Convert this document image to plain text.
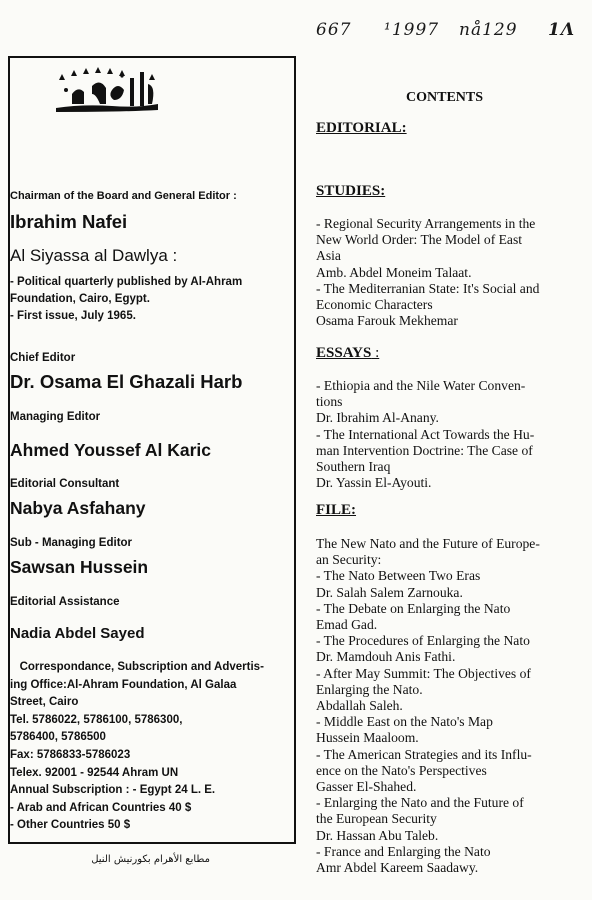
667 ¹1997 nå129 1Λ
Chairman of the Board and General Editor :
Ibrahim Nafei
Al Siyassa al Dawlya :
- Political quarterly published by Al-Ahram
Foundation, Cairo, Egypt.
- First issue, July 1965.
Chief Editor
Dr. Osama El Ghazali Harb
Managing Editor
Ahmed Youssef Al Karic
Editorial Consultant
Nabya Asfahany
Sub - Managing Editor
Sawsan Hussein
Editorial Assistance
Nadia Abdel Sayed
Correspondance, Subscription and Advertis-
ing Office:Al-Ahram Foundation, Al Galaa
Street, Cairo
Tel. 5786022, 5786100, 5786300,
5786400, 5786500
Fax: 5786833-5786023
Telex. 92001 - 92544 Ahram UN
Annual Subscription : - Egypt 24 L. E.
- Arab and African Countries 40 $
- Other Countries 50 $
مطابع الأهرام بكورنيش النيل
CONTENTS
EDITORIAL:
STUDIES:
- Regional Security Arrangements in the
New World Order: The Model of East
Asia
Amb. Abdel Moneim Talaat.
- The Mediterranian State: It's Social and
Economic Characters
Osama Farouk Mekhemar
ESSAYS :
- Ethiopia and the Nile Water Conven-
tions
Dr. Ibrahim Al-Anany.
- The International Act Towards the Hu-
man Intervention Doctrine: The Case of
Southern Iraq
Dr. Yassin El-Ayouti.
FILE:
The New Nato and the Future of Europe-
an Security:
- The Nato Between Two Eras
Dr. Salah Salem Zarnouka.
- The Debate on Enlarging the Nato
Emad Gad.
- The Procedures of Enlarging the Nato
Dr. Mamdouh Anis Fathi.
- After May Summit: The Objectives of
Enlarging the Nato.
Abdallah Saleh.
- Middle East on the Nato's Map
Hussein Maaloom.
- The American Strategies and its Influ-
ence on the Nato's Perspectives
Gasser El-Shahed.
- Enlarging the Nato and the Future of
the European Security
Dr. Hassan Abu Taleb.
- France and Enlarging the Nato
Amr Abdel Kareem Saadawy.
